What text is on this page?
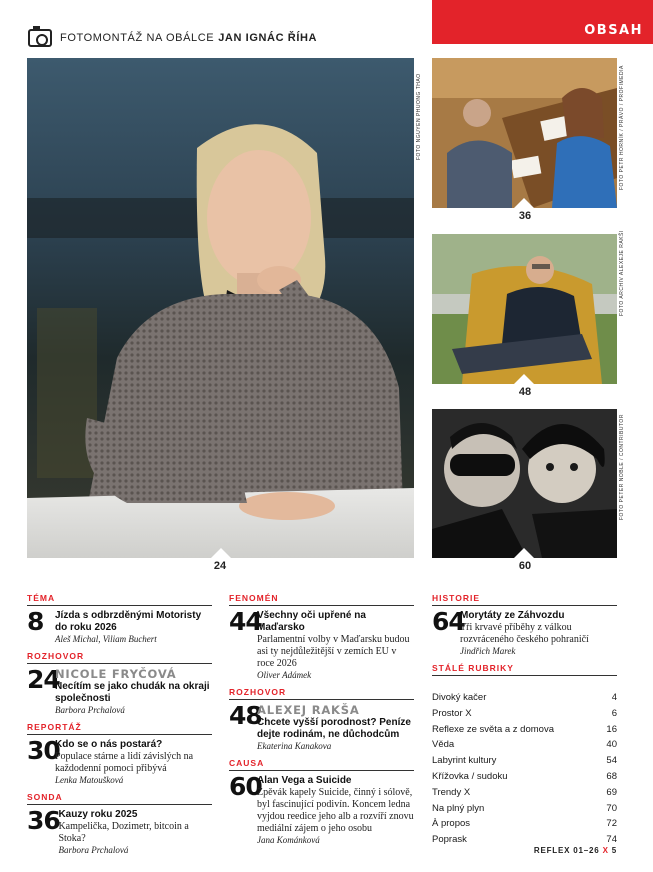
FOTOMONTÁŽ NA OBÁLCE JAN IGNÁC ŘÍHA	OBSAH
FOTO NGUYEN PHUONG THAO
24
FOTO PETR HORNÍK / PRÁVO / PROFIMEDIA
36
FOTO ARCHIV ALEXEJE RAKŠI
48
FOTO PETER NOBLE / CONTRIBUTOR
60
TÉMA
8	Jízda s odbrzděnými Motoristy do roku 2026
Aleš Michal, Viliam Buchert
ROZHOVOR
24
NICOLE FRYČOVÁ
Necítím se jako chudák na okraji společnosti
Barbora Prchalová
REPORTÁŽ
30
Kdo se o nás postará?
Populace stárne a lidí závislých na každodenní pomoci přibývá
Lenka Matoušková
SONDA
36
Kauzy roku 2025
Kampelička, Dozimetr, bitcoin a Stoka?
Barbora Prchalová
FENOMÉN
44
Všechny oči upřené na Maďarsko
Parlamentní volby v Maďarsku budou asi ty nejdůležitější v zemích EU v roce 2026
Oliver Adámek
ROZHOVOR
48
ALEXEJ RAKŠA
Chcete vyšší porodnost? Peníze dejte rodinám, ne důchodcům
Ekaterina Kanakova
CAUSA
60
Alan Vega a Suicide
Zpěvák kapely Suicide, činný i sólově, byl fascinující podivín. Koncem ledna vyjdou reedice jeho alb a rozvíří znovu mediální zájem o jeho osobu
Jana Kománková
HISTORIE
64
Morytáty ze Záhvozdu
Tři krvavé příběhy z válkou rozvráceného českého pohraničí
Jindřich Marek
STÁLÉ RUBRIKY
Divoký kačer	4
Prostor X	6
Reflexe ze světa a z domova	16
Věda	40
Labyrint kultury	54
Křížovka / sudoku	68
Trendy X	69
Na plný plyn	70
À propos	72
Poprask	74
REFLEX 01–26 X 5
